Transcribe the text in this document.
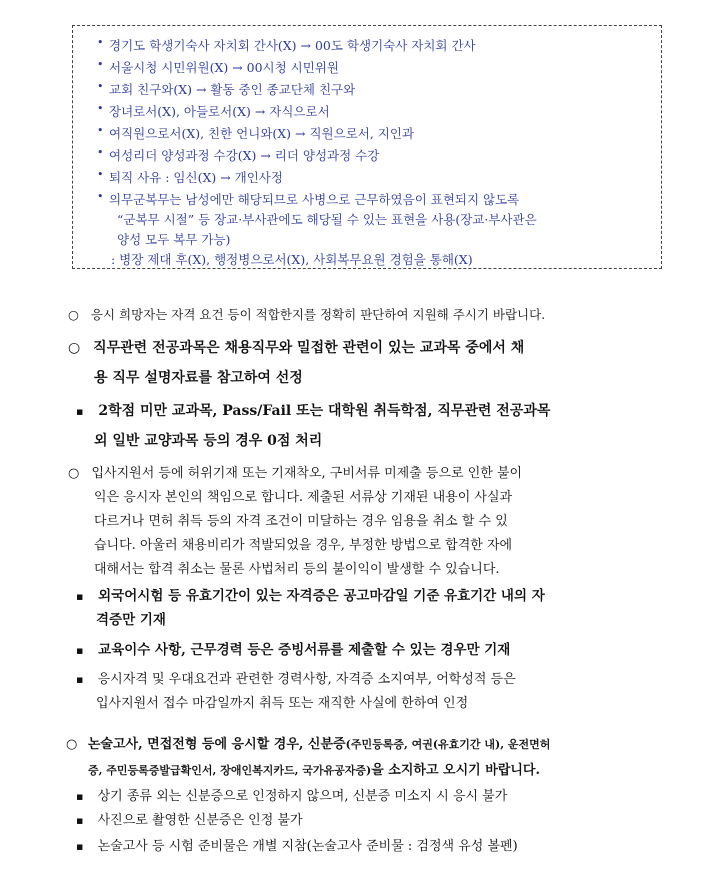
• 경기도 학생기숙사 자치회 간사(X) → 00도 학생기숙사 자치회 간사
• 서울시청 시민위원(X) → 00시청 시민위원
• 교회 친구와(X) → 활동 중인 종교단체 친구와
• 장녀로서(X), 아들로서(X) → 자식으로서
• 여직원으로서(X), 친한 언니와(X) → 직원으로서, 지인과
• 여성리더 양성과정 수강(X) → 리더 양성과정 수강
• 퇴직 사유 : 임신(X) → 개인사정
• 의무군복무는 남성에만 해당되므로 사병으로 근무하였음이 표현되지 않도록
“군복무 시절” 등 장교·부사관에도 해당될 수 있는 표현을 사용(장교·부사관은
양성 모두 복무 가능)
: 병장 제대 후(X), 행정병으로서(X), 사회복무요원 경험을 통해(X)
○ 응시 희망자는 자격 요건 등이 적합한지를 정확히 판단하여 지원해 주시기 바랍니다.
○ 직무관련 전공과목은 채용직무와 밀접한 관련이 있는 교과목 중에서 채
용 직무 설명자료를 참고하여 선정
▪ 2학점 미만 교과목, Pass/Fail 또는 대학원 취득학점, 직무관련 전공과목
외 일반 교양과목 등의 경우 0점 처리
○ 입사지원서 등에 허위기재 또는 기재착오, 구비서류 미제출 등으로 인한 불이
익은 응시자 본인의 책임으로 합니다. 제출된 서류상 기재된 내용이 사실과
다르거나 면허 취득 등의 자격 조건이 미달하는 경우 임용을 취소 할 수 있
습니다. 아울러 채용비리가 적발되었을 경우, 부정한 방법으로 합격한 자에
대해서는 합격 취소는 물론 사법처리 등의 불이익이 발생할 수 있습니다.
▪ 외국어시험 등 유효기간이 있는 자격증은 공고마감일 기준 유효기간 내의 자
격증만 기재
▪ 교육이수 사항, 근무경력 등은 증빙서류를 제출할 수 있는 경우만 기재
▪ 응시자격 및 우대요건과 관련한 경력사항, 자격증 소지여부, 어학성적 등은
입사지원서 접수 마감일까지 취득 또는 재직한 사실에 한하여 인정
○ 논술고사, 면접전형 등에 응시할 경우, 신분증(주민등록증, 여권(유효기간 내), 운전면허
증, 주민등록증발급확인서, 장애인복지카드, 국가유공자증)을 소지하고 오시기 바랍니다.
▪ 상기 종류 외는 신분증으로 인정하지 않으며, 신분증 미소지 시 응시 불가
▪ 사진으로 촬영한 신분증은 인정 불가
▪ 논술고사 등 시험 준비물은 개별 지참(논술고사 준비물 : 검정색 유성 볼펜)
